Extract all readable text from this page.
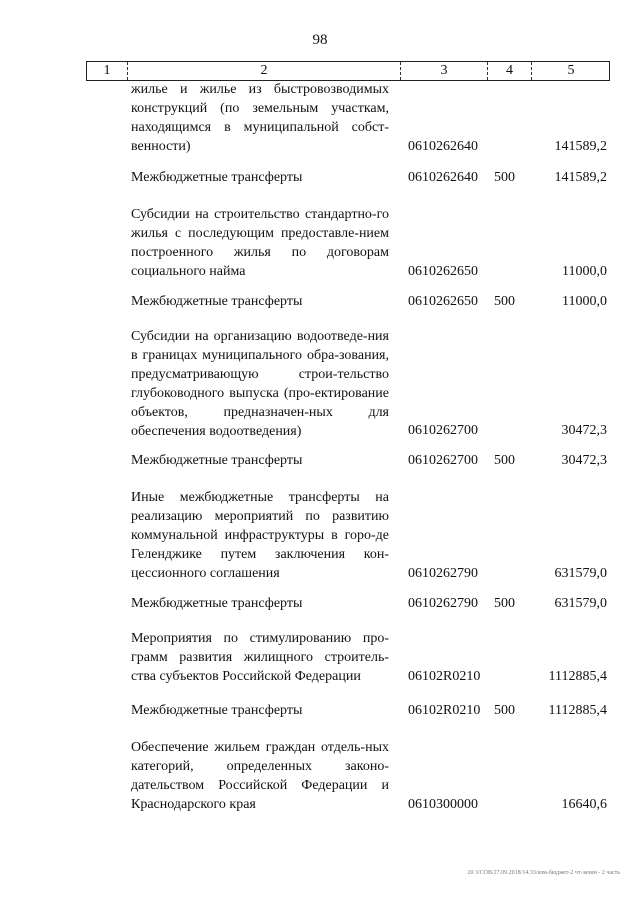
98
1	2	3	4	5
жилье и жилье из быстровозводимых конструкций (по земельным участкам, находящимся в муниципальной собст-венности)	0610262640	141589,2
Межбюджетные трансферты	0610262640 500	141589,2
Субсидии на строительство стандартно-го жилья с последующим предоставле-нием построенного жилья по договорам социального найма	0610262650	11000,0
Межбюджетные трансферты	0610262650 500	11000,0
Субсидии на организацию водоотведе-ния в границах муниципального обра-зования, предусматривающую строи-тельство глубоководного выпуска (про-ектирование объектов, предназначен-ных для обеспечения водоотведения)	0610262700	30472,3
Межбюджетные трансферты	0610262700 500	30472,3
Иные межбюджетные трансферты на реализацию мероприятий по развитию коммунальной инфраструктуры в горо-де Геленджике путем заключения кон-цессионного соглашения	0610262790	631579,0
Межбюджетные трансферты	0610262790 500	631579,0
Мероприятия по стимулированию про-грамм развития жилищного строитель-ства субъектов Российской Федерации	06102R0210	1112885,4
Межбюджетные трансферты	06102R0210 500 1112885,4
Обеспечение жильем граждан отдель-ных категорий, определенных законо-дательством Российской Федерации и Краснодарского края	0610300000	16640,6
20 3/СОВ/27.09.2018/14.33/изм-бюджет-2 чт-зачин - 2 часть
